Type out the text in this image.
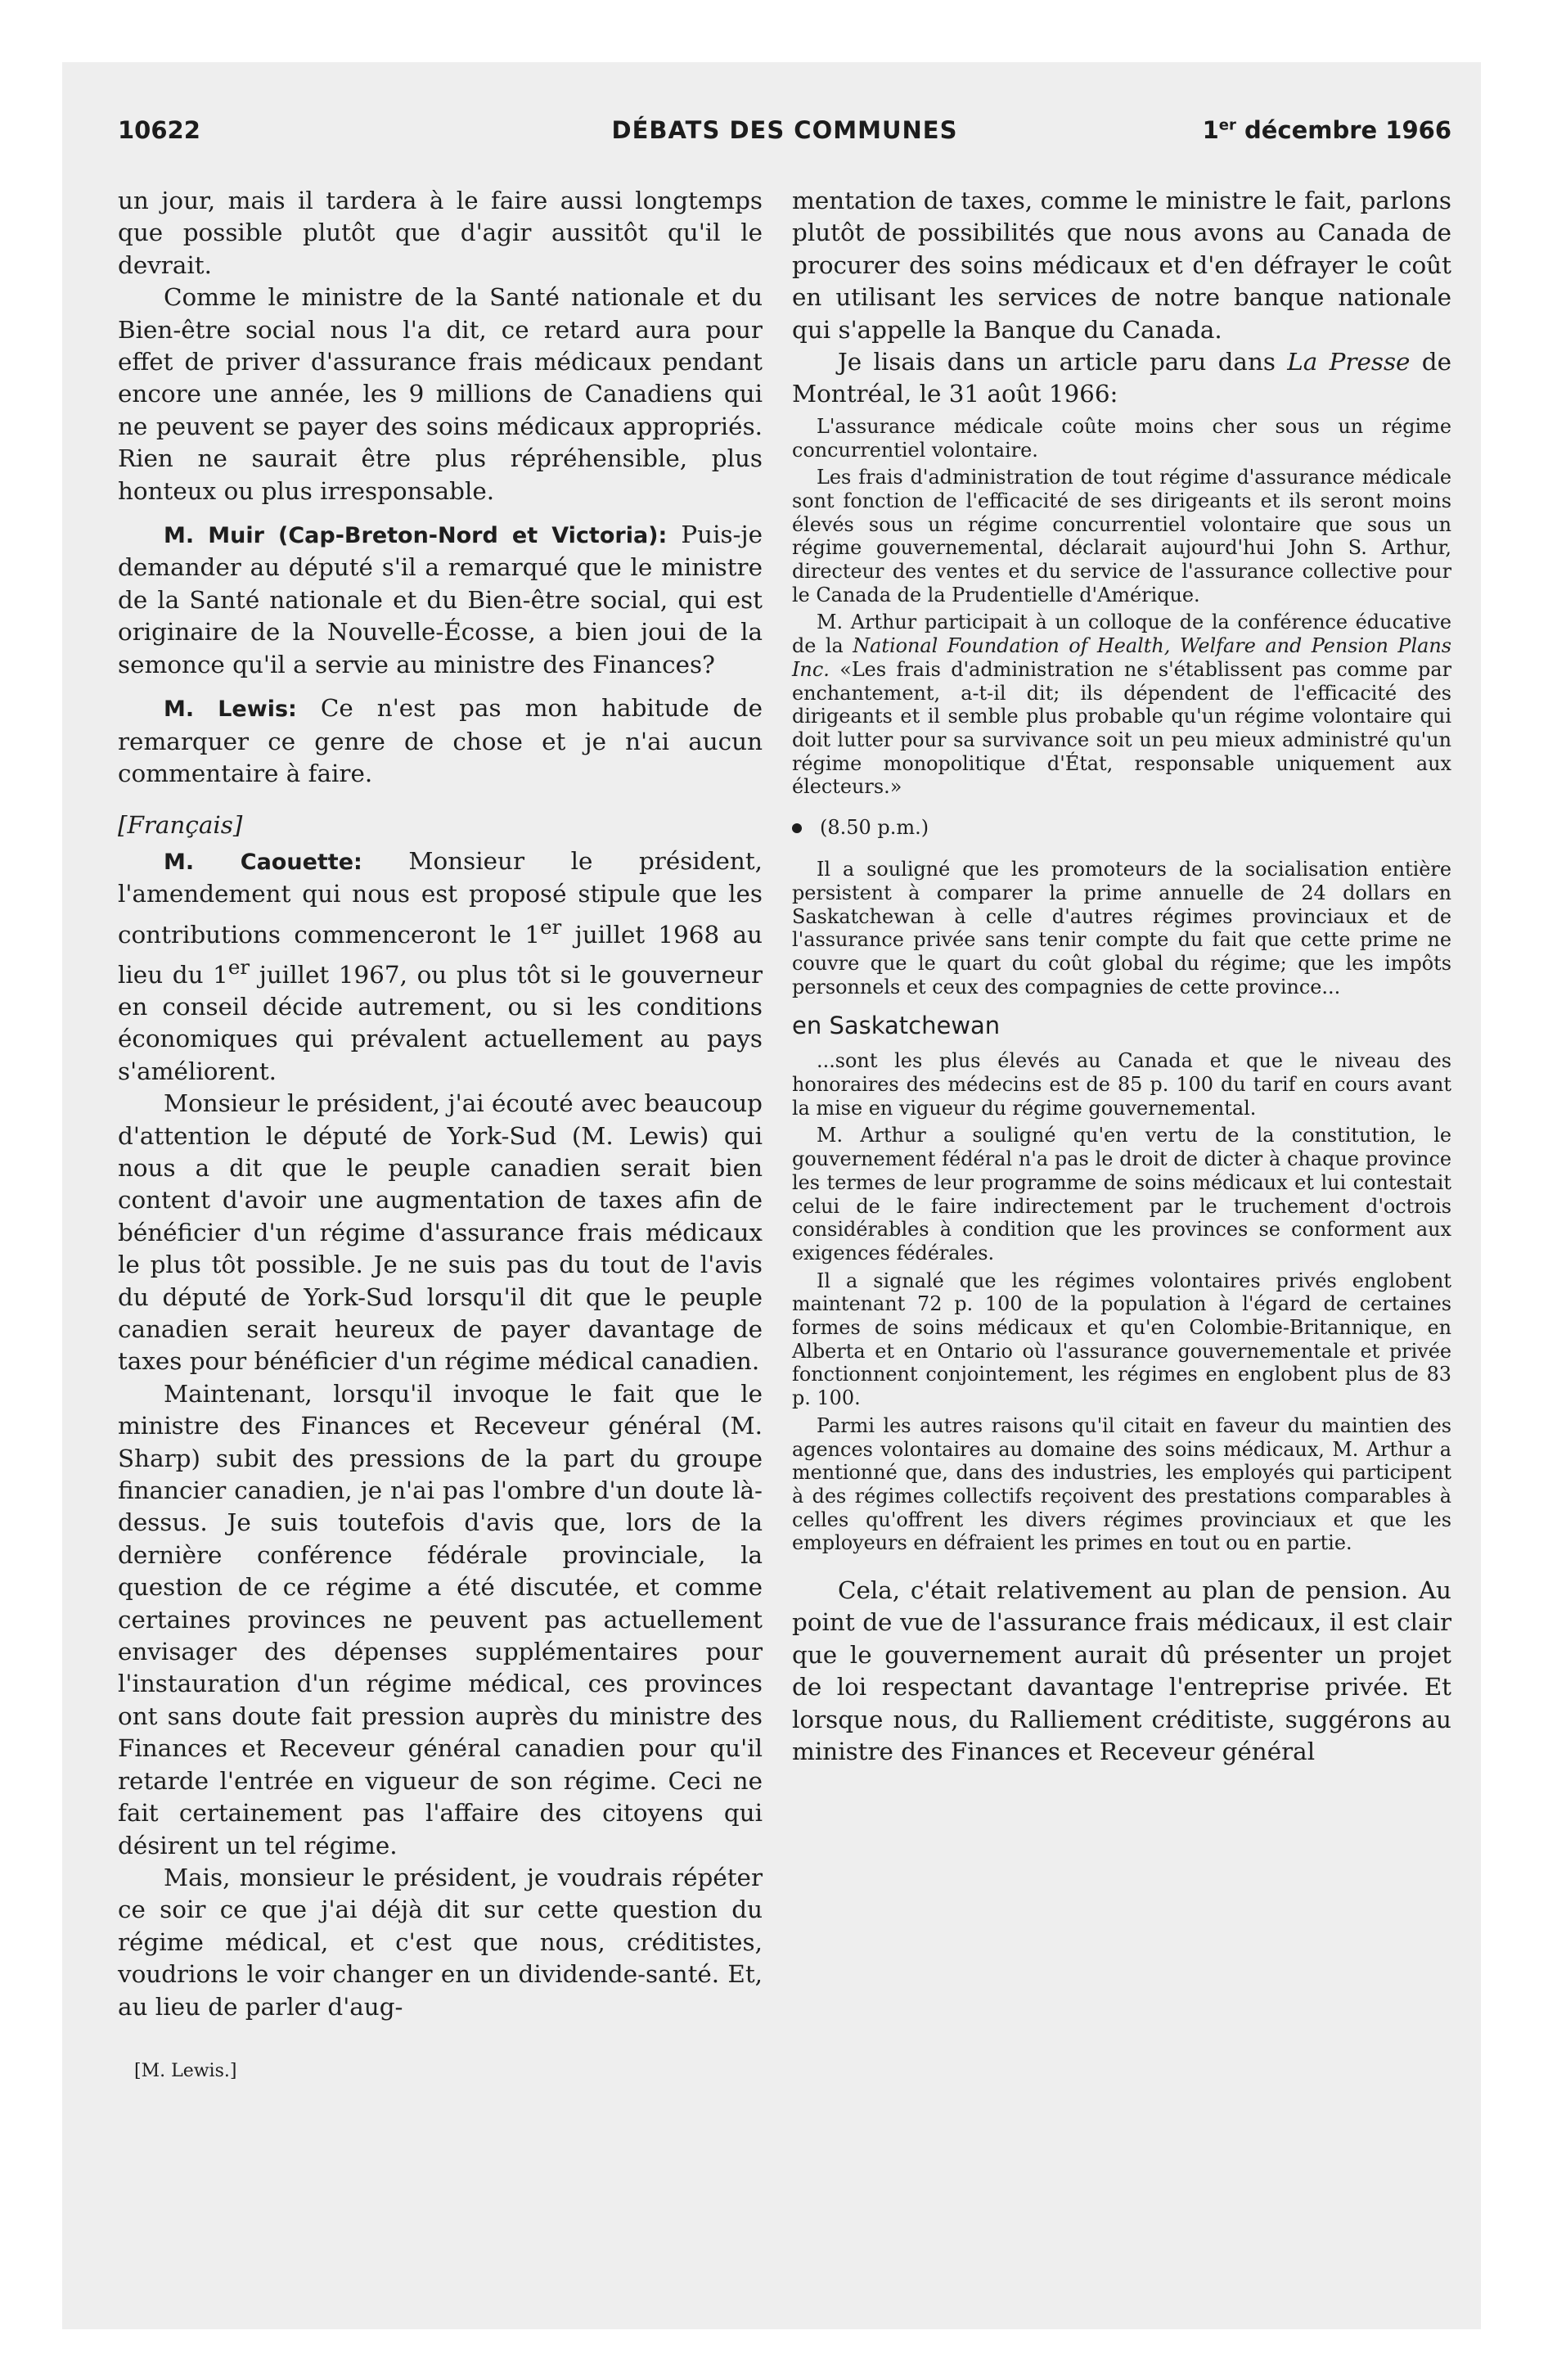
10622	DÉBATS DES COMMUNES	1er décembre 1966

un jour, mais il tardera à le faire aussi longtemps que possible plutôt que d'agir aussitôt qu'il le devrait.

Comme le ministre de la Santé nationale et du Bien-être social nous l'a dit, ce retard aura pour effet de priver d'assurance frais médicaux pendant encore une année, les 9 millions de Canadiens qui ne peuvent se payer des soins médicaux appropriés. Rien ne saurait être plus répréhensible, plus honteux ou plus irresponsable.

M. Muir (Cap-Breton-Nord et Victoria): Puis-je demander au député s'il a remarqué que le ministre de la Santé nationale et du Bien-être social, qui est originaire de la Nouvelle-Écosse, a bien joui de la semonce qu'il a servie au ministre des Finances?

M. Lewis: Ce n'est pas mon habitude de remarquer ce genre de chose et je n'ai aucun commentaire à faire.

[Français]

M. Caouette: Monsieur le président, l'amendement qui nous est proposé stipule que les contributions commenceront le 1er juillet 1968 au lieu du 1er juillet 1967, ou plus tôt si le gouverneur en conseil décide autrement, ou si les conditions économiques qui prévalent actuellement au pays s'améliorent.

Monsieur le président, j'ai écouté avec beaucoup d'attention le député de York-Sud (M. Lewis) qui nous a dit que le peuple canadien serait bien content d'avoir une augmentation de taxes afin de bénéficier d'un régime d'assurance frais médicaux le plus tôt possible. Je ne suis pas du tout de l'avis du député de York-Sud lorsqu'il dit que le peuple canadien serait heureux de payer davantage de taxes pour bénéficier d'un régime médical canadien.

Maintenant, lorsqu'il invoque le fait que le ministre des Finances et Receveur général (M. Sharp) subit des pressions de la part du groupe financier canadien, je n'ai pas l'ombre d'un doute là-dessus. Je suis toutefois d'avis que, lors de la dernière conférence fédérale provinciale, la question de ce régime a été discutée, et comme certaines provinces ne peuvent pas actuellement envisager des dépenses supplémentaires pour l'instauration d'un régime médical, ces provinces ont sans doute fait pression auprès du ministre des Finances et Receveur général canadien pour qu'il retarde l'entrée en vigueur de son régime. Ceci ne fait certainement pas l'affaire des citoyens qui désirent un tel régime.

Mais, monsieur le président, je voudrais répéter ce soir ce que j'ai déjà dit sur cette question du régime médical, et c'est que nous, créditistes, voudrions le voir changer en un dividende-santé. Et, au lieu de parler d'aug-

[M. Lewis.]

mentation de taxes, comme le ministre le fait, parlons plutôt de possibilités que nous avons au Canada de procurer des soins médicaux et d'en défrayer le coût en utilisant les services de notre banque nationale qui s'appelle la Banque du Canada.

Je lisais dans un article paru dans La Presse de Montréal, le 31 août 1966:

L'assurance médicale coûte moins cher sous un régime concurrentiel volontaire.

Les frais d'administration de tout régime d'assurance médicale sont fonction de l'efficacité de ses dirigeants et ils seront moins élevés sous un régime concurrentiel volontaire que sous un régime gouvernemental, déclarait aujourd'hui John S. Arthur, directeur des ventes et du service de l'assurance collective pour le Canada de la Prudentielle d'Amérique.

M. Arthur participait à un colloque de la conférence éducative de la National Foundation of Health, Welfare and Pension Plans Inc. «Les frais d'administration ne s'établissent pas comme par enchantement, a-t-il dit; ils dépendent de l'efficacité des dirigeants et il semble plus probable qu'un régime volontaire qui doit lutter pour sa survivance soit un peu mieux administré qu'un régime monopolitique d'État, responsable uniquement aux électeurs.»

(8.50 p.m.)

Il a souligné que les promoteurs de la socialisation entière persistent à comparer la prime annuelle de 24 dollars en Saskatchewan à celle d'autres régimes provinciaux et de l'assurance privée sans tenir compte du fait que cette prime ne couvre que le quart du coût global du régime; que les impôts personnels et ceux des compagnies de cette province...

en Saskatchewan

...sont les plus élevés au Canada et que le niveau des honoraires des médecins est de 85 p. 100 du tarif en cours avant la mise en vigueur du régime gouvernemental.

M. Arthur a souligné qu'en vertu de la constitution, le gouvernement fédéral n'a pas le droit de dicter à chaque province les termes de leur programme de soins médicaux et lui contestait celui de le faire indirectement par le truchement d'octrois considérables à condition que les provinces se conforment aux exigences fédérales.

Il a signalé que les régimes volontaires privés englobent maintenant 72 p. 100 de la population à l'égard de certaines formes de soins médicaux et qu'en Colombie-Britannique, en Alberta et en Ontario où l'assurance gouvernementale et privée fonctionnent conjointement, les régimes en englobent plus de 83 p. 100.

Parmi les autres raisons qu'il citait en faveur du maintien des agences volontaires au domaine des soins médicaux, M. Arthur a mentionné que, dans des industries, les employés qui participent à des régimes collectifs reçoivent des prestations comparables à celles qu'offrent les divers régimes provinciaux et que les employeurs en défraient les primes en tout ou en partie.

Cela, c'était relativement au plan de pension. Au point de vue de l'assurance frais médicaux, il est clair que le gouvernement aurait dû présenter un projet de loi respectant davantage l'entreprise privée. Et lorsque nous, du Ralliement créditiste, suggérons au ministre des Finances et Receveur général
